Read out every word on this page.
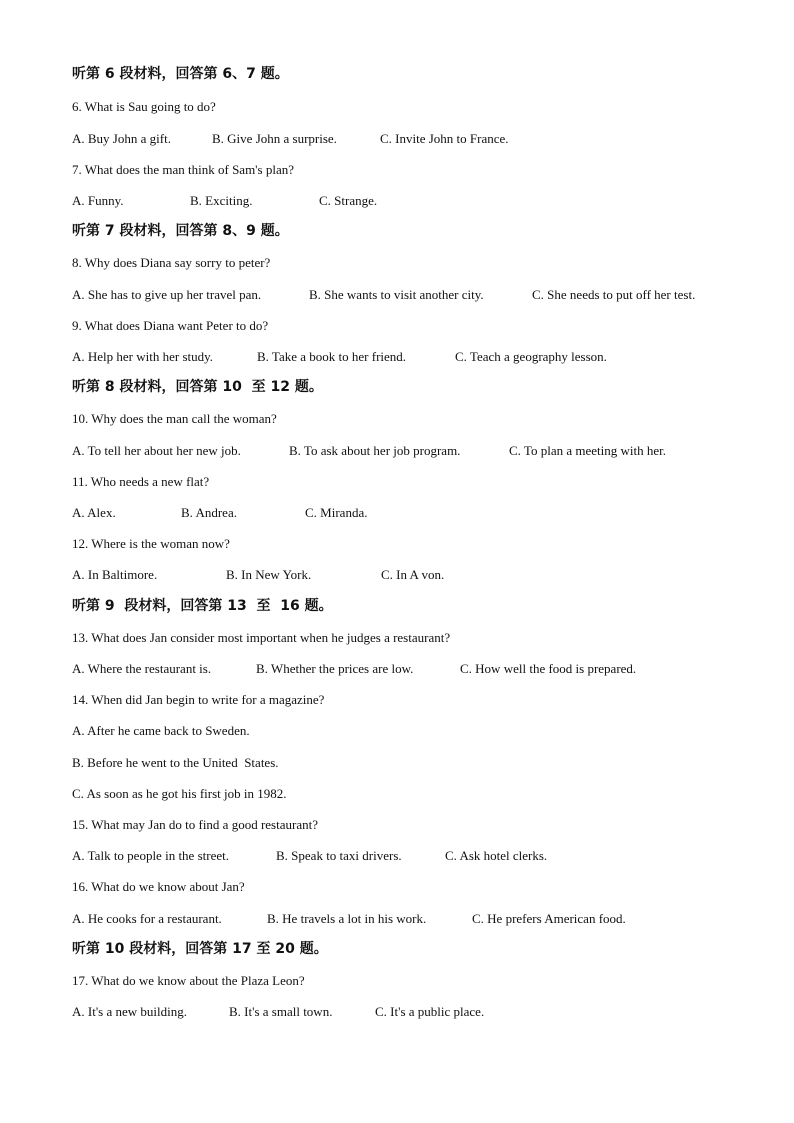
听第 6 段材料，回答第 6、7 题。
6. What is Sau going to do?
A. Buy John a gift.	B. Give John a surprise.	C. Invite John to France.
7. What does the man think of Sam's plan?
A. Funny.	B. Exciting.	C. Strange.
听第 7 段材料，回答第 8、9 题。
8. Why does Diana say sorry to peter?
A. She has to give up her travel pan.	B. She wants to visit another city.	C. She needs to put off her test.
9. What does Diana want Peter to do?
A. Help her with her study.	B. Take a book to her friend.	C. Teach a geography lesson.
听第 8 段材料，回答第 10  至 12 题。
10. Why does the man call the woman?
A. To tell her about her new job.	B. To ask about her job program.	C. To plan a meeting with her.
11. Who needs a new flat?
A. Alex.	B. Andrea.	C. Miranda.
12. Where is the woman now?
A. In Baltimore.	B. In New York.	C. In A von.
听第 9  段材料，回答第 13  至  16 题。
13. What does Jan consider most important when he judges a restaurant?
A. Where the restaurant is.	B. Whether the prices are low.	C. How well the food is prepared.
14. When did Jan begin to write for a magazine?
A. After he came back to Sweden.
B. Before he went to the United  States.
C. As soon as he got his first job in 1982.
15. What may Jan do to find a good restaurant?
A. Talk to people in the street.	B. Speak to taxi drivers.	C. Ask hotel clerks.
16. What do we know about Jan?
A. He cooks for a restaurant.	B. He travels a lot in his work.	C. He prefers American food.
听第 10 段材料，回答第 17 至 20 题。
17. What do we know about the Plaza Leon?
A. It's a new building.	B. It's a small town.	C. It's a public place.
